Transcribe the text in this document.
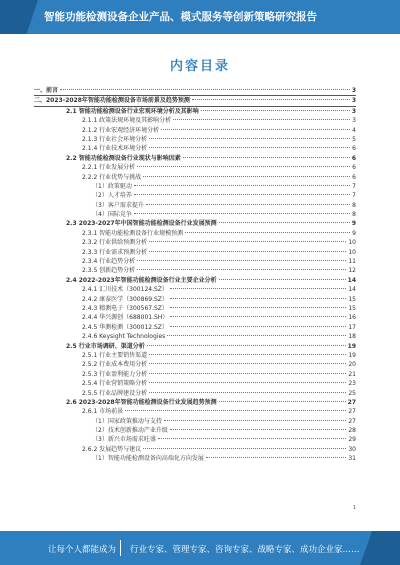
智能功能检测设备企业产品、模式服务等创新策略研究报告
内容目录
一、前言	3
二、2023-2028年智能功能检测设备市场前景及趋势预测	3
2.1 智能功能检测设备行业宏观环境分析及其影响	3
2.1.1 政策法规环境及其影响分析	3
2.1.2 行业宏观经济环境分析	4
2.1.3 行业社会环境分析	5
2.1.4 行业技术环境分析	6
2.2 智能功能检测设备行业现状与影响因素	6
2.2.1 行业发展分析	6
2.2.2 行业优势与挑战	6
（1）政策驱动	7
（2）人才培养	7
（3）客户需求提升	8
（4）国际竞争	8
2.3 2023-2027年中国智能功能检测设备行业发展预测	9
2.3.1 智能功能检测设备行业规模预测	9
2.3.2 行业供给预测分析	10
2.3.3 行业需求预测分析	10
2.3.4 行业趋势分析	11
2.3.5 创新趋势分析	12
2.4 2022-2023年智能功能检测设备行业主要企业分析	14
2.4.1 汇川技术（300124.SZ）	14
2.4.2 康泰医学（300869.SZ）	15
2.4.3 精测电子（300567.SZ）	15
2.4.4 华兴源创（688001.SH）	16
2.4.5 华测检测（300012.SZ）	17
2.4.6 Keysight Technologies	18
2.5 行业市场调研、渠道分析	19
2.5.1 行业主要销售渠道	19
2.5.2 行业成本费用分析	20
2.5.3 行业盈利能力分析	21
2.5.4 行业营销策略分析	23
2.5.5 行业品牌建设分析	25
2.6 2023-2028年智能功能检测设备行业发展趋势预测	27
2.6.1 市场前景	27
（1）国家政策推动与支持	27
（2）技术创新推动产业升级	28
（3）新兴市场需求旺盛	29
2.6.2 发展趋势与建议	30
（1）智能功能检测设备向高端化方向发展	31
1
让每个人都能成为 行业专家、管理专家、咨询专家、战略专家、成功企业家……
